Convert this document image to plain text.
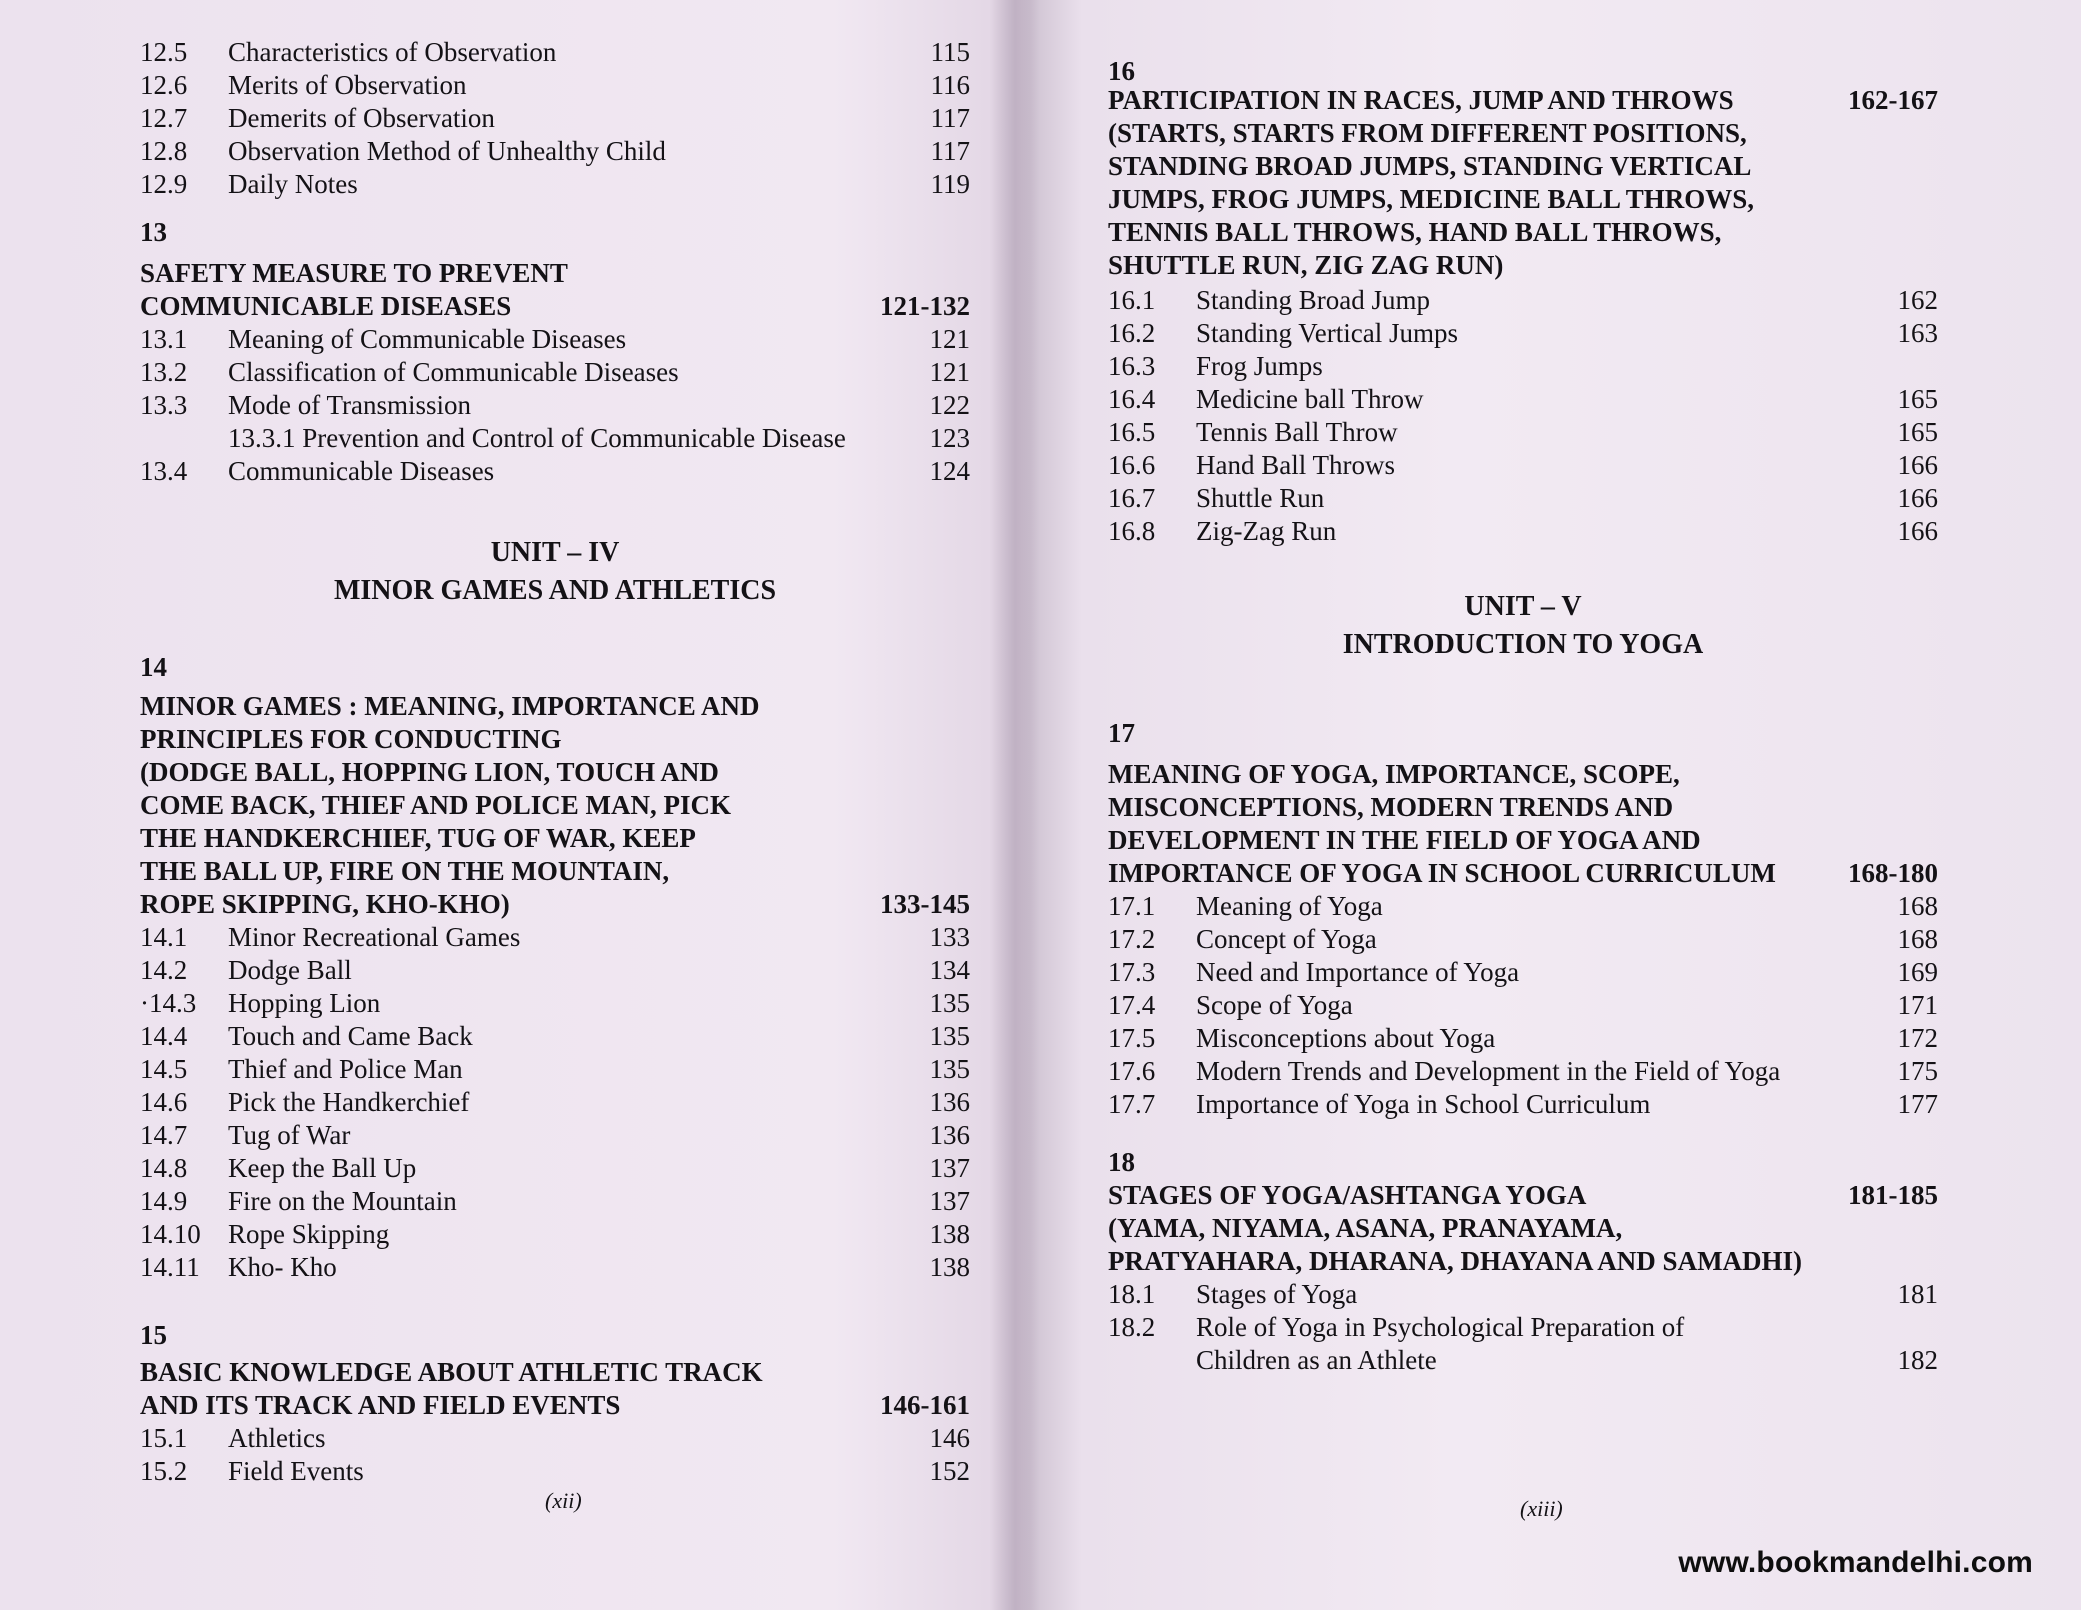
12.5	Characteristics of Observation	115
12.6	Merits of Observation	116
12.7	Demerits of Observation	117
12.8	Observation Method of Unhealthy Child	117
12.9	Daily Notes	119
13
SAFETY MEASURE TO PREVENT
COMMUNICABLE DISEASES	121-132
13.1	Meaning of Communicable Diseases	121
13.2	Classification of Communicable Diseases	121
13.3	Mode of Transmission	122
13.3.1 Prevention and Control of Communicable Disease	123
13.4	Communicable Diseases	124
UNIT – IV
MINOR GAMES AND ATHLETICS
14
MINOR GAMES : MEANING, IMPORTANCE AND
PRINCIPLES FOR CONDUCTING
(DODGE BALL, HOPPING LION, TOUCH AND
COME BACK, THIEF AND POLICE MAN, PICK
THE HANDKERCHIEF, TUG OF WAR, KEEP
THE BALL UP, FIRE ON THE MOUNTAIN,
ROPE SKIPPING, KHO-KHO)	133-145
14.1	Minor Recreational Games	133
14.2	Dodge Ball	134
·14.3	Hopping Lion	135
14.4	Touch and Came Back	135
14.5	Thief and Police Man	135
14.6	Pick the Handkerchief	136
14.7	Tug of War	136
14.8	Keep the Ball Up	137
14.9	Fire on the Mountain	137
14.10	Rope Skipping	138
14.11	Kho- Kho	138
15
BASIC KNOWLEDGE ABOUT ATHLETIC TRACK
AND ITS TRACK AND FIELD EVENTS	146-161
15.1	Athletics	146
15.2	Field Events	152
(xii)
16
PARTICIPATION IN RACES, JUMP AND THROWS	162-167
(STARTS, STARTS FROM DIFFERENT POSITIONS,
STANDING BROAD JUMPS, STANDING VERTICAL
JUMPS, FROG JUMPS, MEDICINE BALL THROWS,
TENNIS BALL THROWS, HAND BALL THROWS,
SHUTTLE RUN, ZIG ZAG RUN)
16.1	Standing Broad Jump	162
16.2	Standing Vertical Jumps	163
16.3	Frog Jumps
16.4	Medicine ball Throw	165
16.5	Tennis Ball Throw	165
16.6	Hand Ball Throws	166
16.7	Shuttle Run	166
16.8	Zig-Zag Run	166
UNIT – V
INTRODUCTION TO YOGA
17
MEANING OF YOGA, IMPORTANCE, SCOPE,
MISCONCEPTIONS, MODERN TRENDS AND
DEVELOPMENT IN THE FIELD OF YOGA AND
IMPORTANCE OF YOGA IN SCHOOL CURRICULUM	168-180
17.1	Meaning of Yoga	168
17.2	Concept of Yoga	168
17.3	Need and Importance of Yoga	169
17.4	Scope of Yoga	171
17.5	Misconceptions about Yoga	172
17.6	Modern Trends and Development in the Field of Yoga	175
17.7	Importance of Yoga in School Curriculum	177
18
STAGES OF YOGA/ASHTANGA YOGA	181-185
(YAMA, NIYAMA, ASANA, PRANAYAMA,
PRATYAHARA, DHARANA, DHAYANA AND SAMADHI)
18.1	Stages of Yoga	181
18.2	Role of Yoga in Psychological Preparation of
Children as an Athlete	182
(xiii)
www.bookmandelhi.com
